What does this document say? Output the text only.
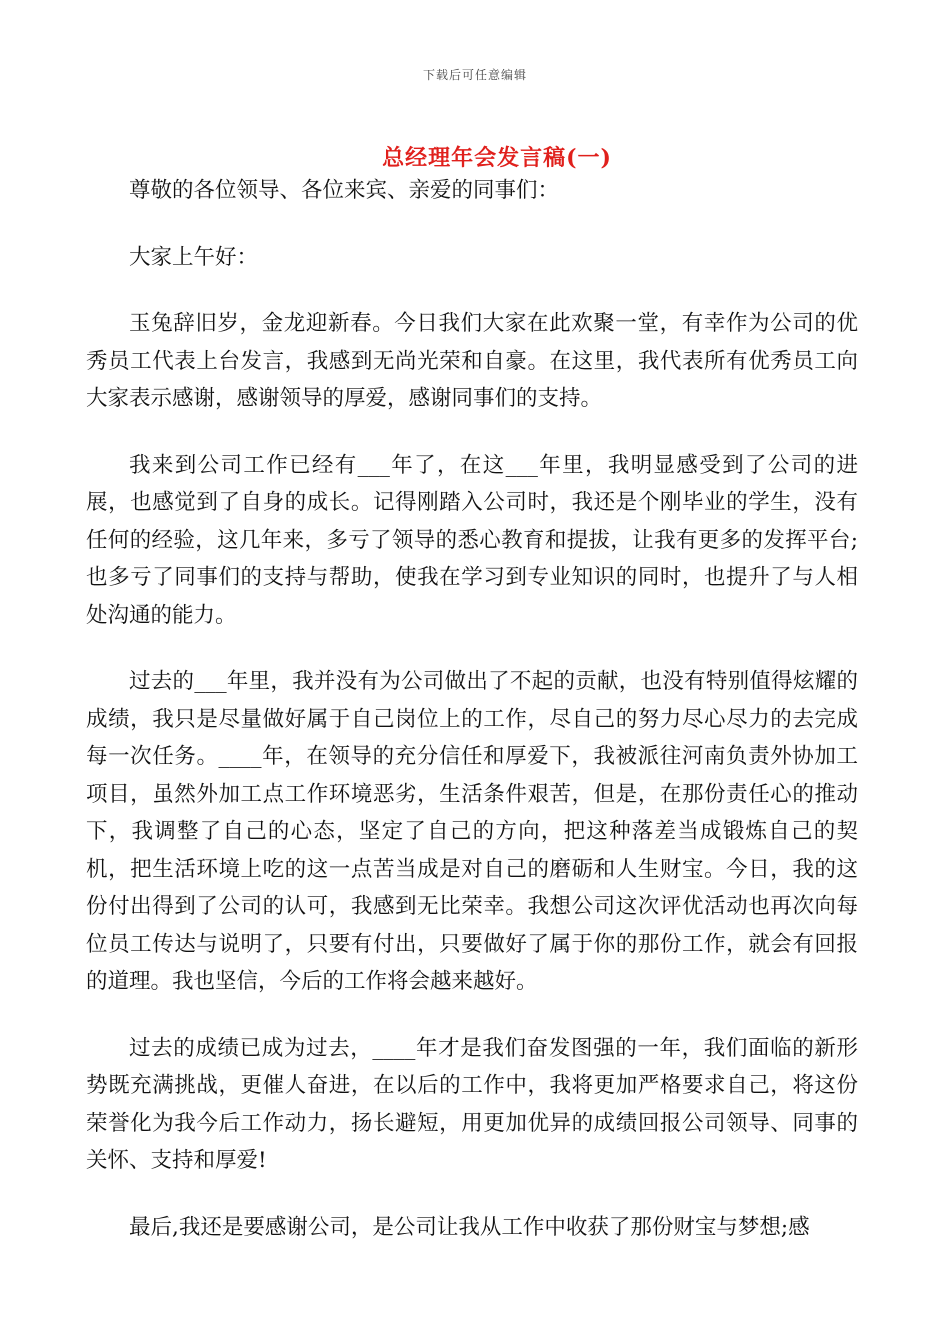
下载后可任意编辑
总经理年会发言稿(一)

尊敬的各位领导、各位来宾、亲爱的同事们：

大家上午好：

玉兔辞旧岁，金龙迎新春。今日我们大家在此欢聚一堂，有幸作为公司的优秀员工代表上台发言，我感到无尚光荣和自豪。在这里，我代表所有优秀员工向大家表示感谢，感谢领导的厚爱，感谢同事们的支持。

我来到公司工作已经有___年了，在这___年里，我明显感受到了公司的进展，也感觉到了自身的成长。记得刚踏入公司时，我还是个刚毕业的学生，没有任何的经验，这几年来，多亏了领导的悉心教育和提拔，让我有更多的发挥平台;也多亏了同事们的支持与帮助，使我在学习到专业知识的同时，也提升了与人相处沟通的能力。

过去的___年里，我并没有为公司做出了不起的贡献，也没有特别值得炫耀的成绩，我只是尽量做好属于自己岗位上的工作，尽自己的努力尽心尽力的去完成每一次任务。____年，在领导的充分信任和厚爱下，我被派往河南负责外协加工项目，虽然外加工点工作环境恶劣，生活条件艰苦，但是，在那份责任心的推动下，我调整了自己的心态，坚定了自己的方向，把这种落差当成锻炼自己的契机，把生活环境上吃的这一点苦当成是对自己的磨砺和人生财宝。今日，我的这份付出得到了公司的认可，我感到无比荣幸。我想公司这次评优活动也再次向每位员工传达与说明了，只要有付出，只要做好了属于你的那份工作，就会有回报的道理。我也坚信，今后的工作将会越来越好。

过去的成绩已成为过去，____年才是我们奋发图强的一年，我们面临的新形势既充满挑战，更催人奋进，在以后的工作中，我将更加严格要求自己，将这份荣誉化为我今后工作动力，扬长避短，用更加优异的成绩回报公司领导、同事的关怀、支持和厚爱!

最后,我还是要感谢公司，是公司让我从工作中收获了那份财宝与梦想;感
